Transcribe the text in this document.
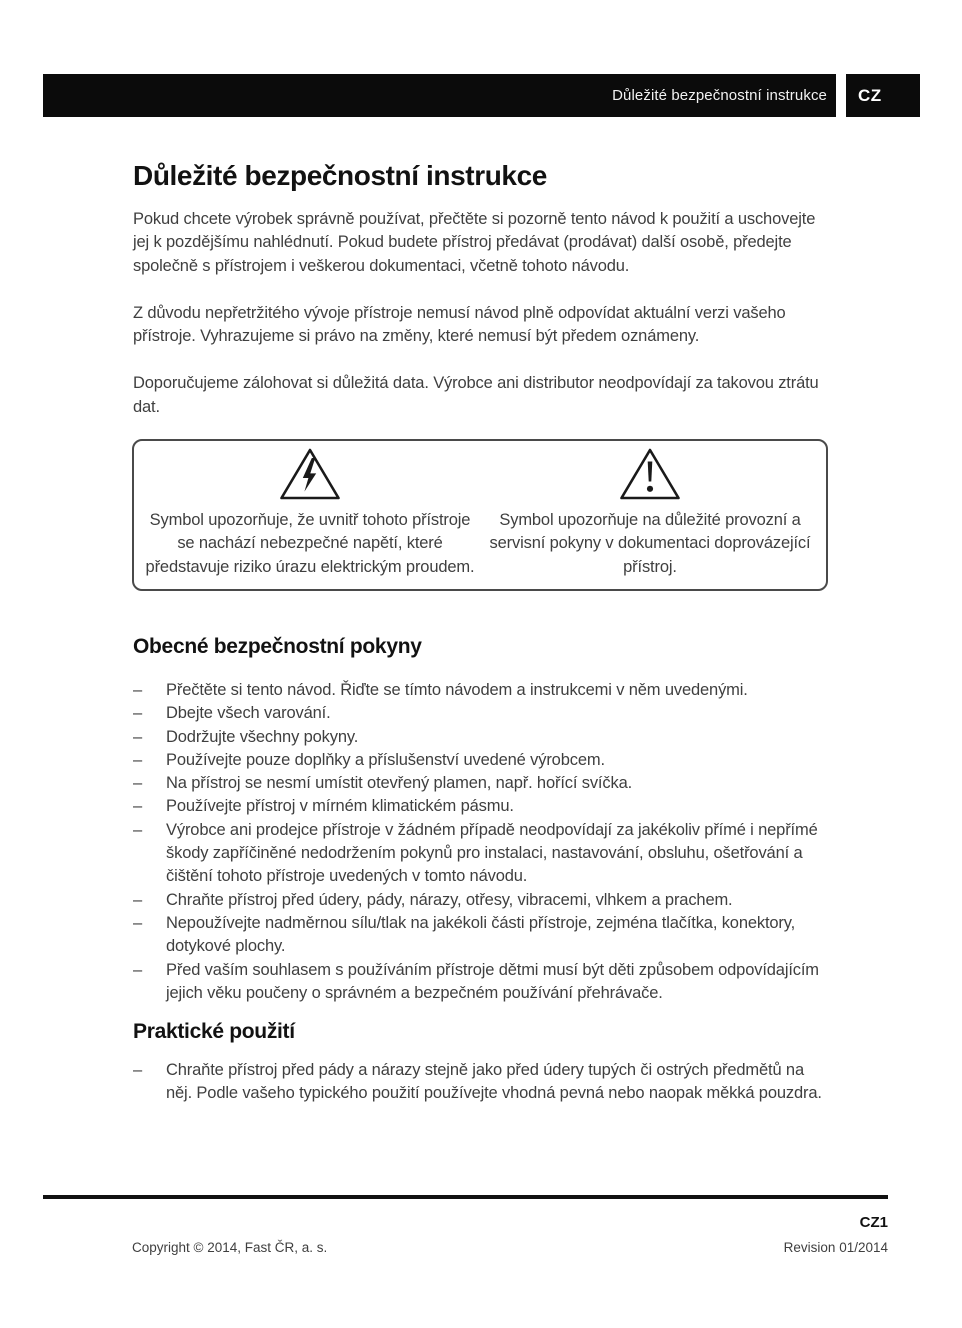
Důležité bezpečnostní instrukce CZ
Důležité bezpečnostní instrukce

Pokud chcete výrobek správně používat, přečtěte si pozorně tento návod k použití a uschovejte jej k pozdějšímu nahlédnutí. Pokud budete přístroj předávat (prodávat) další osobě, předejte společně s přístrojem i veškerou dokumentaci, včetně tohoto návodu.

Z důvodu nepřetržitého vývoje přístroje nemusí návod plně odpovídat aktuální verzi vašeho přístroje. Vyhrazujeme si právo na změny, které nemusí být předem oznámeny.

Doporučujeme zálohovat si důležitá data. Výrobce ani distributor neodpovídají za takovou ztrátu dat.

Symbol upozorňuje, že uvnitř tohoto přístroje se nachází nebezpečné napětí, které představuje riziko úrazu elektrickým proudem.
Symbol upozorňuje na důležité provozní a servisní pokyny v dokumentaci doprovázející přístroj.
Obecné bezpečnostní pokyny
–	Přečtěte si tento návod. Řiďte se tímto návodem a instrukcemi v něm uvedenými.
–	Dbejte všech varování.
–	Dodržujte všechny pokyny.
–	Používejte pouze doplňky a příslušenství uvedené výrobcem.
–	Na přístroj se nesmí umístit otevřený plamen, např. hořící svíčka.
–	Používejte přístroj v mírném klimatickém pásmu.
–	Výrobce ani prodejce přístroje v žádném případě neodpovídají za jakékoliv přímé i nepřímé škody zapříčiněné nedodržením pokynů pro instalaci, nastavování, obsluhu, ošetřování a čištění tohoto přístroje uvedených v tomto návodu.
–	Chraňte přístroj před údery, pády, nárazy, otřesy, vibracemi, vlhkem a prachem.
–	Nepoužívejte nadměrnou sílu/tlak na jakékoli části přístroje, zejména tlačítka, konektory, dotykové plochy.
–	Před vaším souhlasem s používáním přístroje dětmi musí být děti způsobem odpovídajícím jejich věku poučeny o správném a bezpečném používání přehrávače.
Praktické použití
–	Chraňte přístroj před pády a nárazy stejně jako před údery tupých či ostrých předmětů na něj. Podle vašeho typického použití používejte vhodná pevná nebo naopak měkká pouzdra.
CZ1
Copyright © 2014, Fast ČR, a. s.	Revision 01/2014
